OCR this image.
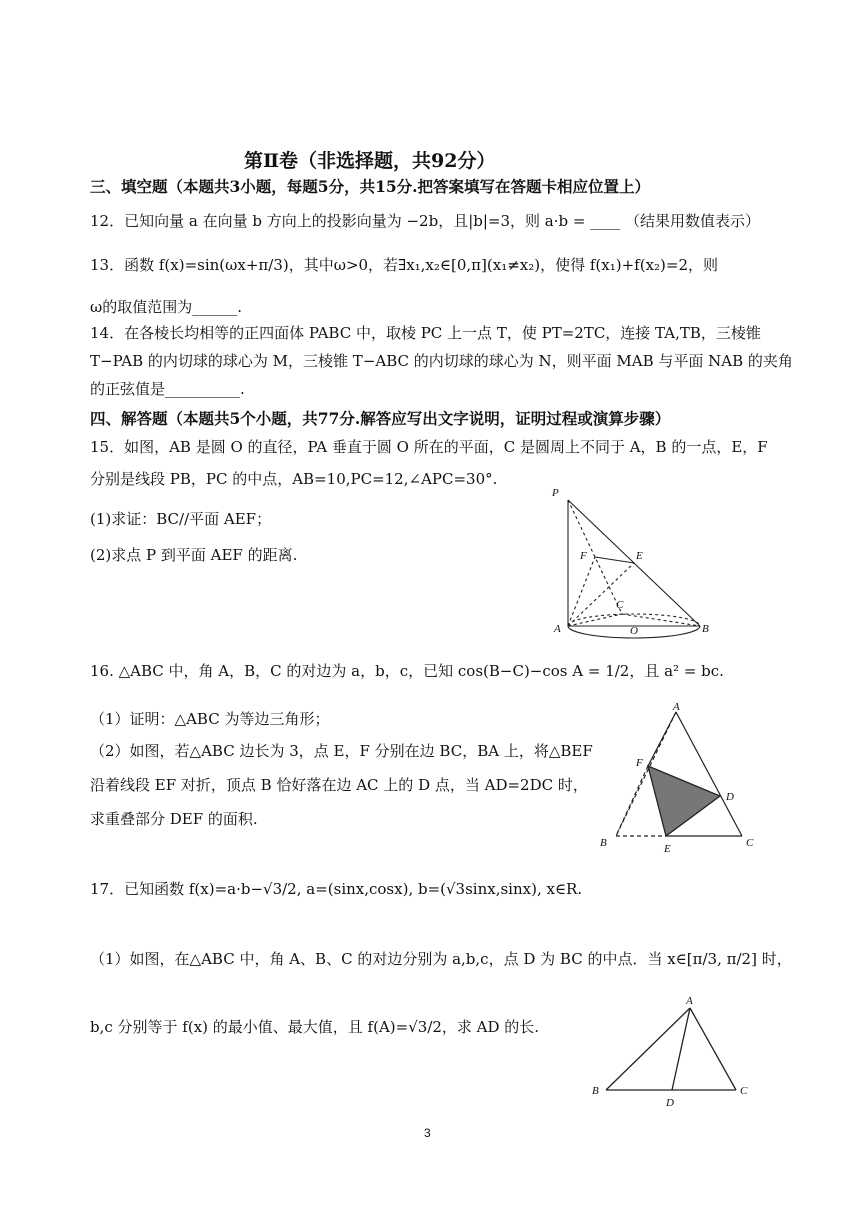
第Ⅱ卷（非选择题，共92分）
三、填空题（本题共3小题，每题5分，共15分.把答案填写在答题卡相应位置上）
12．已知向量 a 在向量 b 方向上的投影向量为 −2b，且|b|=3，则 a·b = ____ （结果用数值表示）
13．函数 f(x)=sin(ωx+π/3)，其中ω>0，若∃x₁,x₂∈[0,π](x₁≠x₂)，使得 f(x₁)+f(x₂)=2，则
ω的取值范围为______.
14．在各棱长均相等的正四面体 PABC 中，取棱 PC 上一点 T，使 PT=2TC，连接 TA,TB，三棱锥
T−PAB 的内切球的球心为 M，三棱锥 T−ABC 的内切球的球心为 N，则平面 MAB 与平面 NAB 的夹角
的正弦值是__________.
四、解答题（本题共5个小题，共77分.解答应写出文字说明，证明过程或演算步骤）
15．如图，AB 是圆 O 的直径，PA 垂直于圆 O 所在的平面，C 是圆周上不同于 A，B 的一点，E，F
分别是线段 PB，PC 的中点，AB=10,PC=12,∠APC=30°.
(1)求证：BC//平面 AEF；
(2)求点 P 到平面 AEF 的距离.
P
F	E
C
A	O	B
16. △ABC 中，角 A，B，C 的对边为 a，b，c，已知 cos(B−C)−cos A = 1/2，且 a² = bc.
（1）证明：△ABC 为等边三角形；
（2）如图，若△ABC 边长为 3，点 E，F 分别在边 BC，BA 上，将△BEF
沿着线段 EF 对折，顶点 B 恰好落在边 AC 上的 D 点，当 AD=2DC 时，
求重叠部分 DEF 的面积.
A
F
D
B	E	C
17．已知函数 f(x)=a·b−√3/2, a=(sinx,cosx), b=(√3sinx,sinx), x∈R.
（1）如图，在△ABC 中，角 A、B、C 的对边分别为 a,b,c，点 D 为 BC 的中点．当 x∈[π/3, π/2] 时，
b,c 分别等于 f(x) 的最小值、最大值，且 f(A)=√3/2，求 AD 的长.
A
B
D
C
3
